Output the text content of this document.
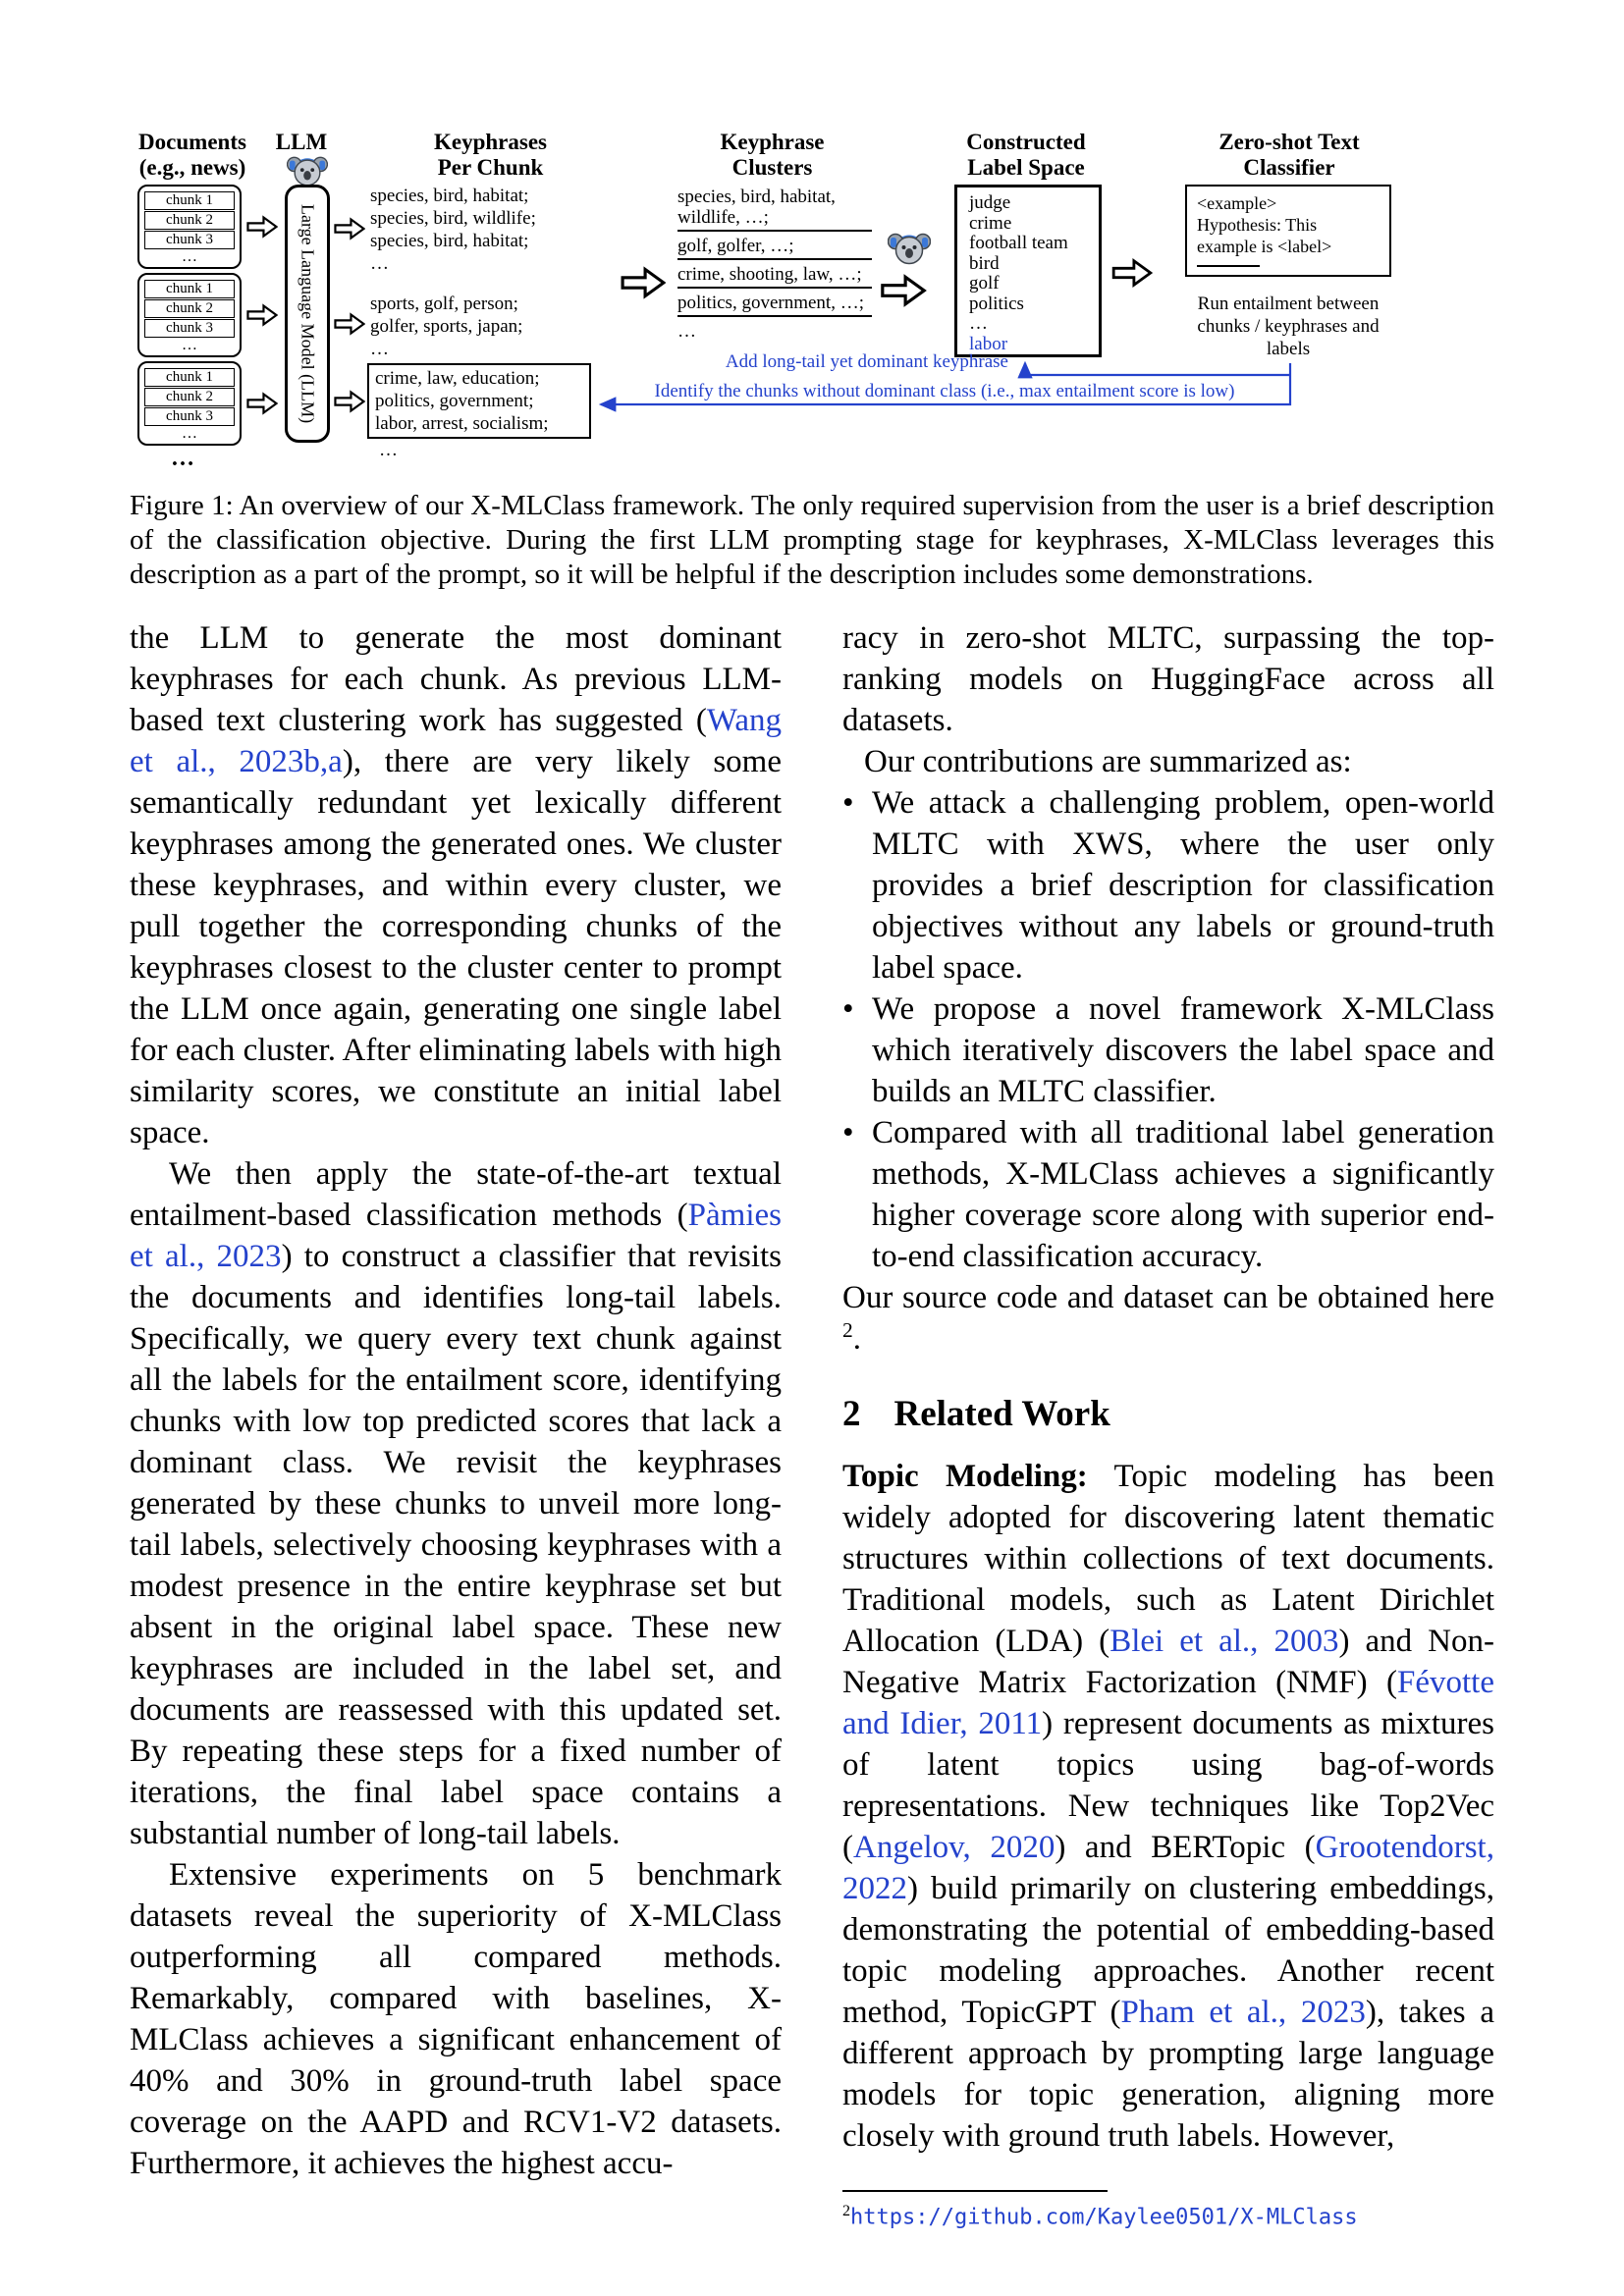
Documents
(e.g., news)
LLM	Keyphrases
Per Chunk
Keyphrase
Clusters
Constructed
Label Space
Zero-shot Text
Classifier
chunk 1
chunk 2
chunk 3
…
chunk 1
chunk 2
chunk 3
…
chunk 1
chunk 2
chunk 3
…
…
Large Language Model (LLM)
species, bird, habitat;
species, bird, wildlife;
species, bird, habitat;
…
sports, golf, person;
golfer, sports, japan;
…
crime, law, education;
politics, government;
labor, arrest, socialism;
…
species, bird, habitat, wildlife, …;
golf, golfer, …;
crime, shooting, law, …;
politics, government, …;
…
judge
crime
football team
bird
golf
politics
…
labor
<example>
Hypothesis: This
example is <label>
Run entailment between chunks / keyphrases and labels
Add long-tail yet dominant keyphrase
Identify the chunks without dominant class (i.e., max entailment score is low)
Figure 1: An overview of our X-MLClass framework. The only required supervision from the user is a brief description of the classification objective. During the first LLM prompting stage for keyphrases, X-MLClass leverages this description as a part of the prompt, so it will be helpful if the description includes some demonstrations.

the LLM to generate the most dominant keyphrases for each chunk. As previous LLM-based text clustering work has suggested (Wang et al., 2023b,a), there are very likely some semantically redundant yet lexically different keyphrases among the generated ones. We cluster these keyphrases, and within every cluster, we pull together the corresponding chunks of the keyphrases closest to the cluster center to prompt the LLM once again, generating one single label for each cluster. After eliminating labels with high similarity scores, we constitute an initial label space.

We then apply the state-of-the-art textual entailment-based classification methods (Pàmies et al., 2023) to construct a classifier that revisits the documents and identifies long-tail labels. Specifically, we query every text chunk against all the labels for the entailment score, identifying chunks with low top predicted scores that lack a dominant class. We revisit the keyphrases generated by these chunks to unveil more long-tail labels, selectively choosing keyphrases with a modest presence in the entire keyphrase set but absent in the original label space. These new keyphrases are included in the label set, and documents are reassessed with this updated set. By repeating these steps for a fixed number of iterations, the final label space contains a substantial number of long-tail labels.

Extensive experiments on 5 benchmark datasets reveal the superiority of X-MLClass outperforming all compared methods. Remarkably, compared with baselines, X-MLClass achieves a significant enhancement of 40% and 30% in ground-truth label space coverage on the AAPD and RCV1-V2 datasets. Furthermore, it achieves the highest accu-

racy in zero-shot MLTC, surpassing the top-ranking models on HuggingFace across all datasets.

Our contributions are summarized as:

• We attack a challenging problem, open-world MLTC with XWS, where the user only provides a brief description for classification objectives without any labels or ground-truth label space.
• We propose a novel framework X-MLClass which iteratively discovers the label space and builds an MLTC classifier.
• Compared with all traditional label generation methods, X-MLClass achieves a significantly higher coverage score along with superior end-to-end classification accuracy.

Our source code and dataset can be obtained here $^2$.

2 Related Work

Topic Modeling: Topic modeling has been widely adopted for discovering latent thematic structures within collections of text documents. Traditional models, such as Latent Dirichlet Allocation (LDA) (Blei et al., 2003) and Non-Negative Matrix Factorization (NMF) (Févotte and Idier, 2011) represent documents as mixtures of latent topics using bag-of-words representations. New techniques like Top2Vec (Angelov, 2020) and BERTopic (Grootendorst, 2022) build primarily on clustering embeddings, demonstrating the potential of embedding-based topic modeling approaches. Another recent method, TopicGPT (Pham et al., 2023), takes a different approach by prompting large language models for topic generation, aligning more closely with ground truth labels. However,

$^2$https://github.com/Kaylee0501/X-MLClass
